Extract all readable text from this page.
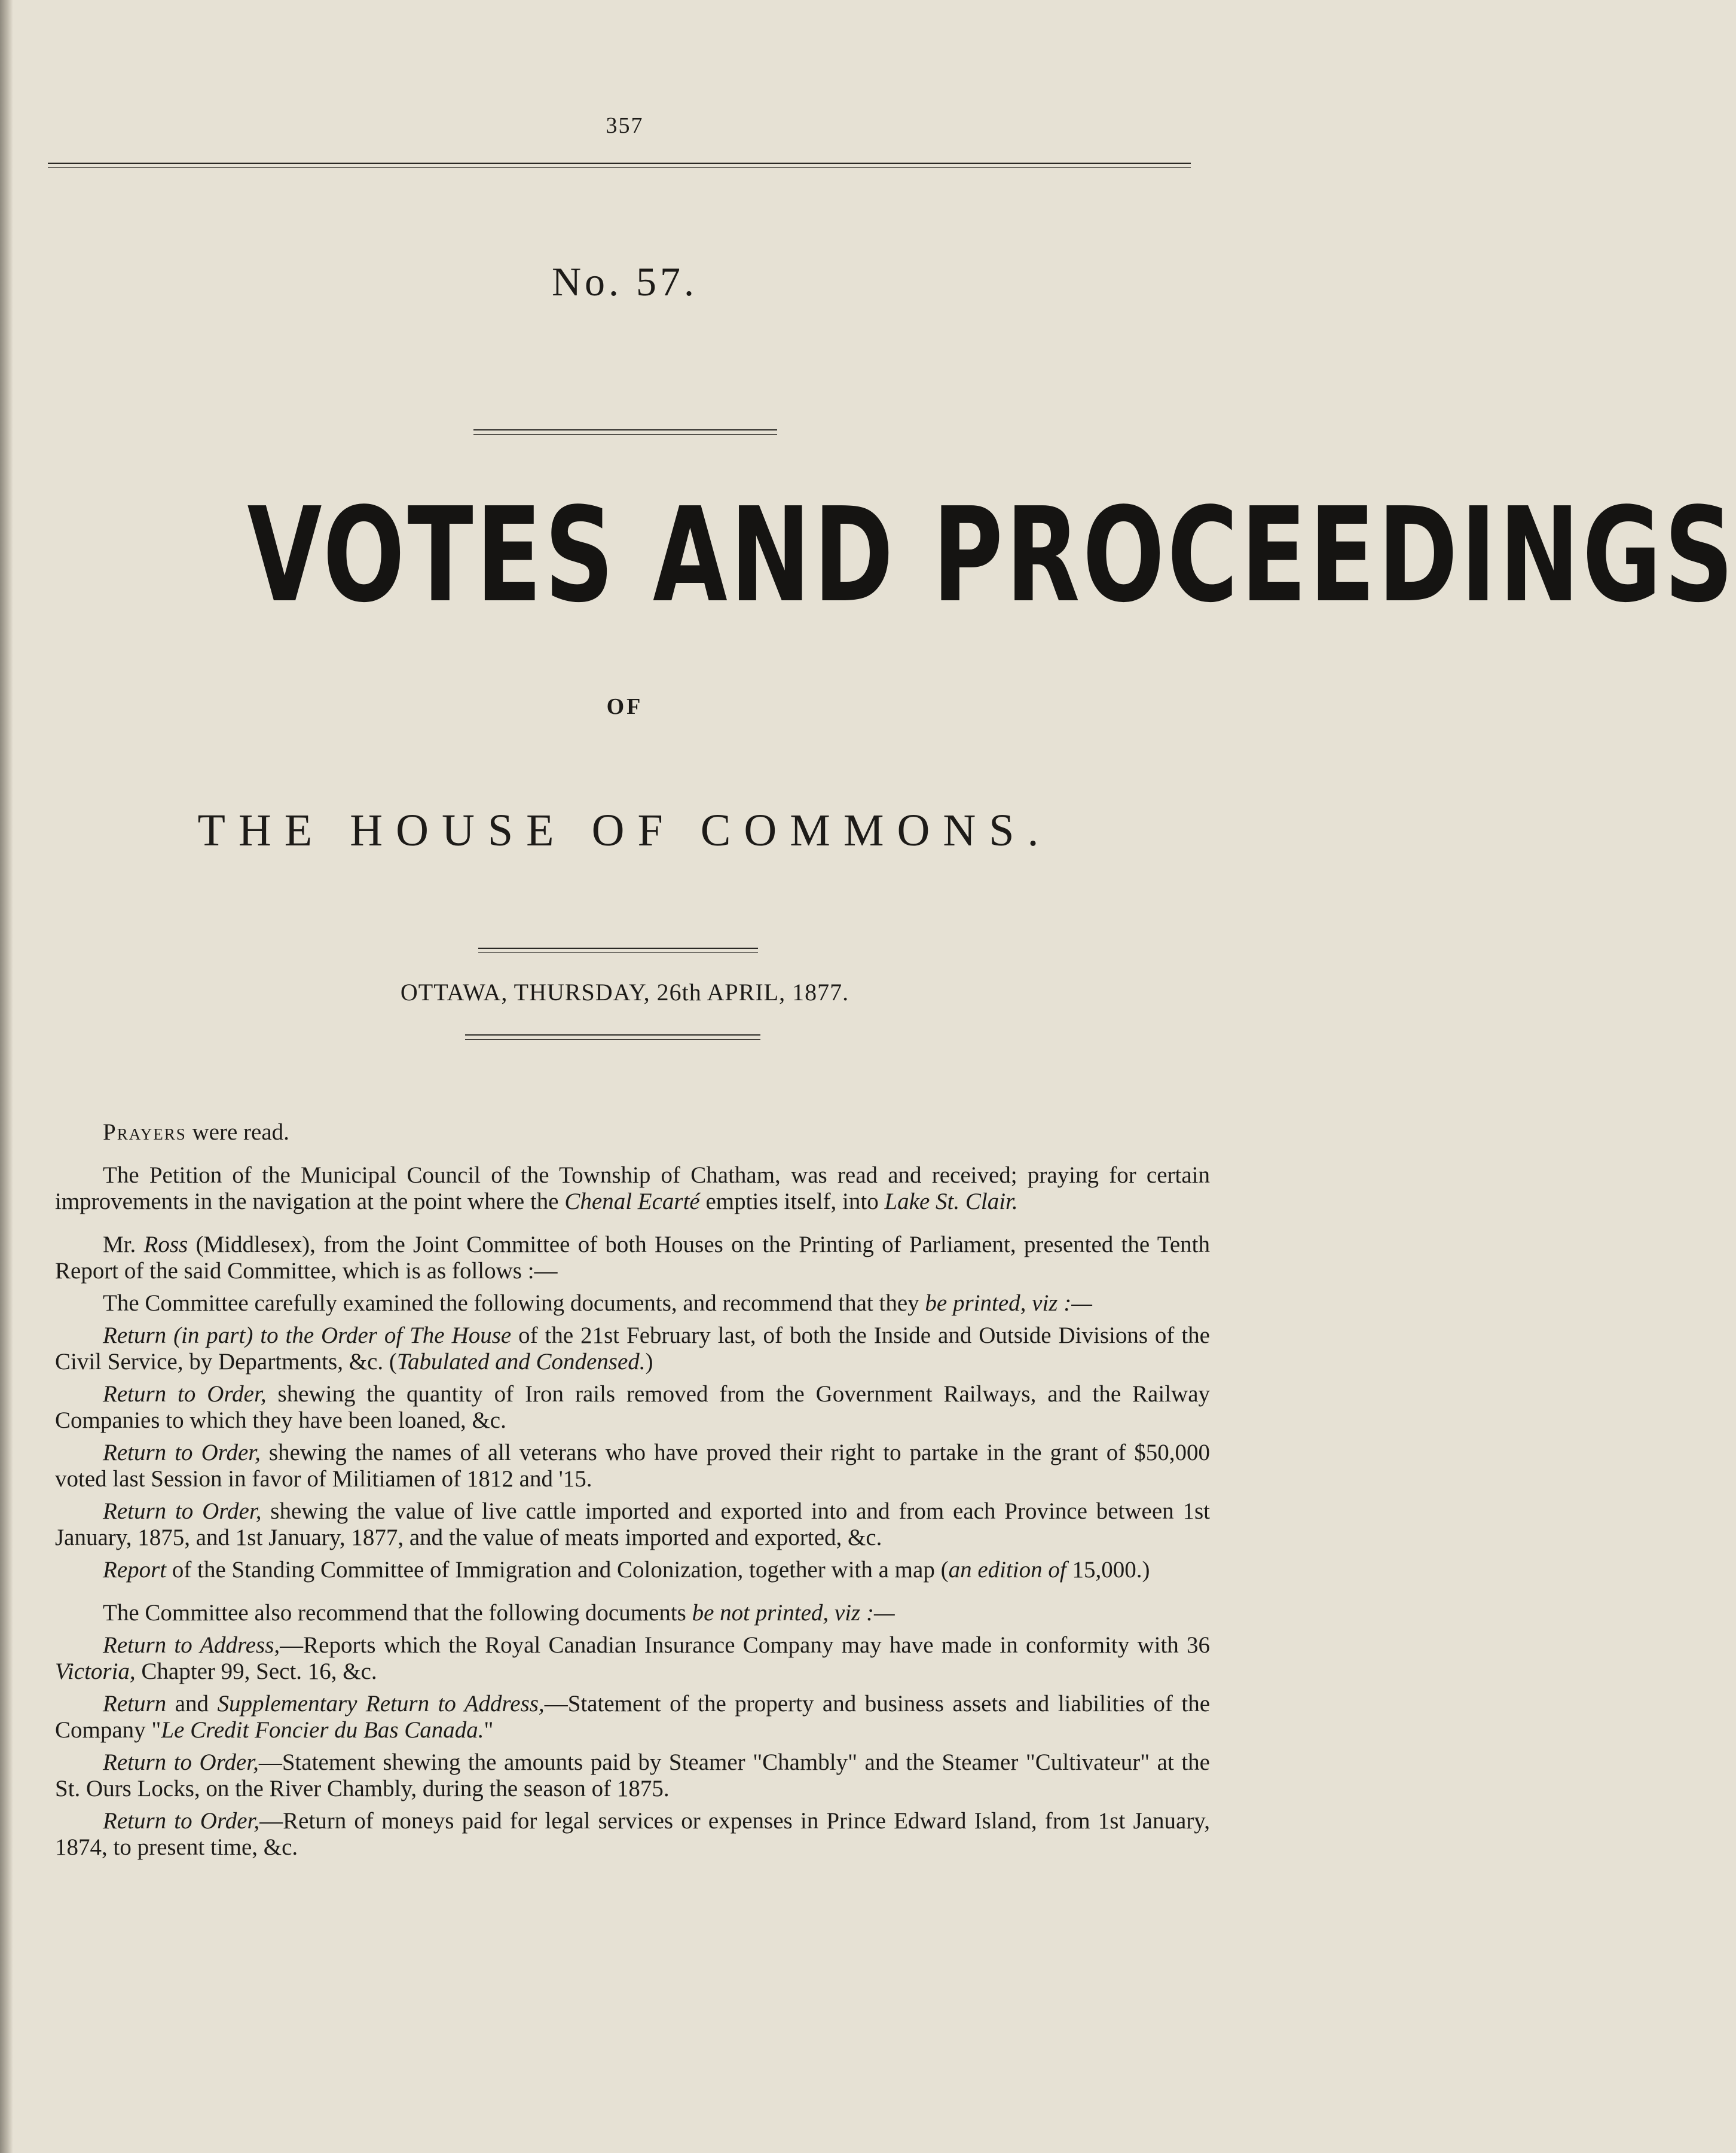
357
No. 57.
VOTES AND PROCEEDINGS
OF
THE HOUSE OF COMMONS.
OTTAWA, THURSDAY, 26th APRIL, 1877.

Prayers were read.

The Petition of the Municipal Council of the Township of Chatham, was read and received; praying for certain improvements in the navigation at the point where the Chenal Ecarté empties itself, into Lake St. Clair.

Mr. Ross (Middlesex), from the Joint Committee of both Houses on the Printing of Parliament, presented the Tenth Report of the said Committee, which is as follows :—

The Committee carefully examined the following documents, and recommend that they be printed, viz :—

Return (in part) to the Order of The House of the 21st February last, of both the Inside and Outside Divisions of the Civil Service, by Departments, &c. (Tabulated and Condensed.)

Return to Order, shewing the quantity of Iron rails removed from the Government Railways, and the Railway Companies to which they have been loaned, &c.

Return to Order, shewing the names of all veterans who have proved their right to partake in the grant of $50,000 voted last Session in favor of Militiamen of 1812 and '15.

Return to Order, shewing the value of live cattle imported and exported into and from each Province between 1st January, 1875, and 1st January, 1877, and the value of meats imported and exported, &c.

Report of the Standing Committee of Immigration and Colonization, together with a map (an edition of 15,000.)

The Committee also recommend that the following documents be not printed, viz :—

Return to Address,—Reports which the Royal Canadian Insurance Company may have made in conformity with 36 Victoria, Chapter 99, Sect. 16, &c.

Return and Supplementary Return to Address,—Statement of the property and business assets and liabilities of the Company "Le Credit Foncier du Bas Canada."

Return to Order,—Statement shewing the amounts paid by Steamer "Chambly" and the Steamer "Cultivateur" at the St. Ours Locks, on the River Chambly, during the season of 1875.

Return to Order,—Return of moneys paid for legal services or expenses in Prince Edward Island, from 1st January, 1874, to present time, &c.
